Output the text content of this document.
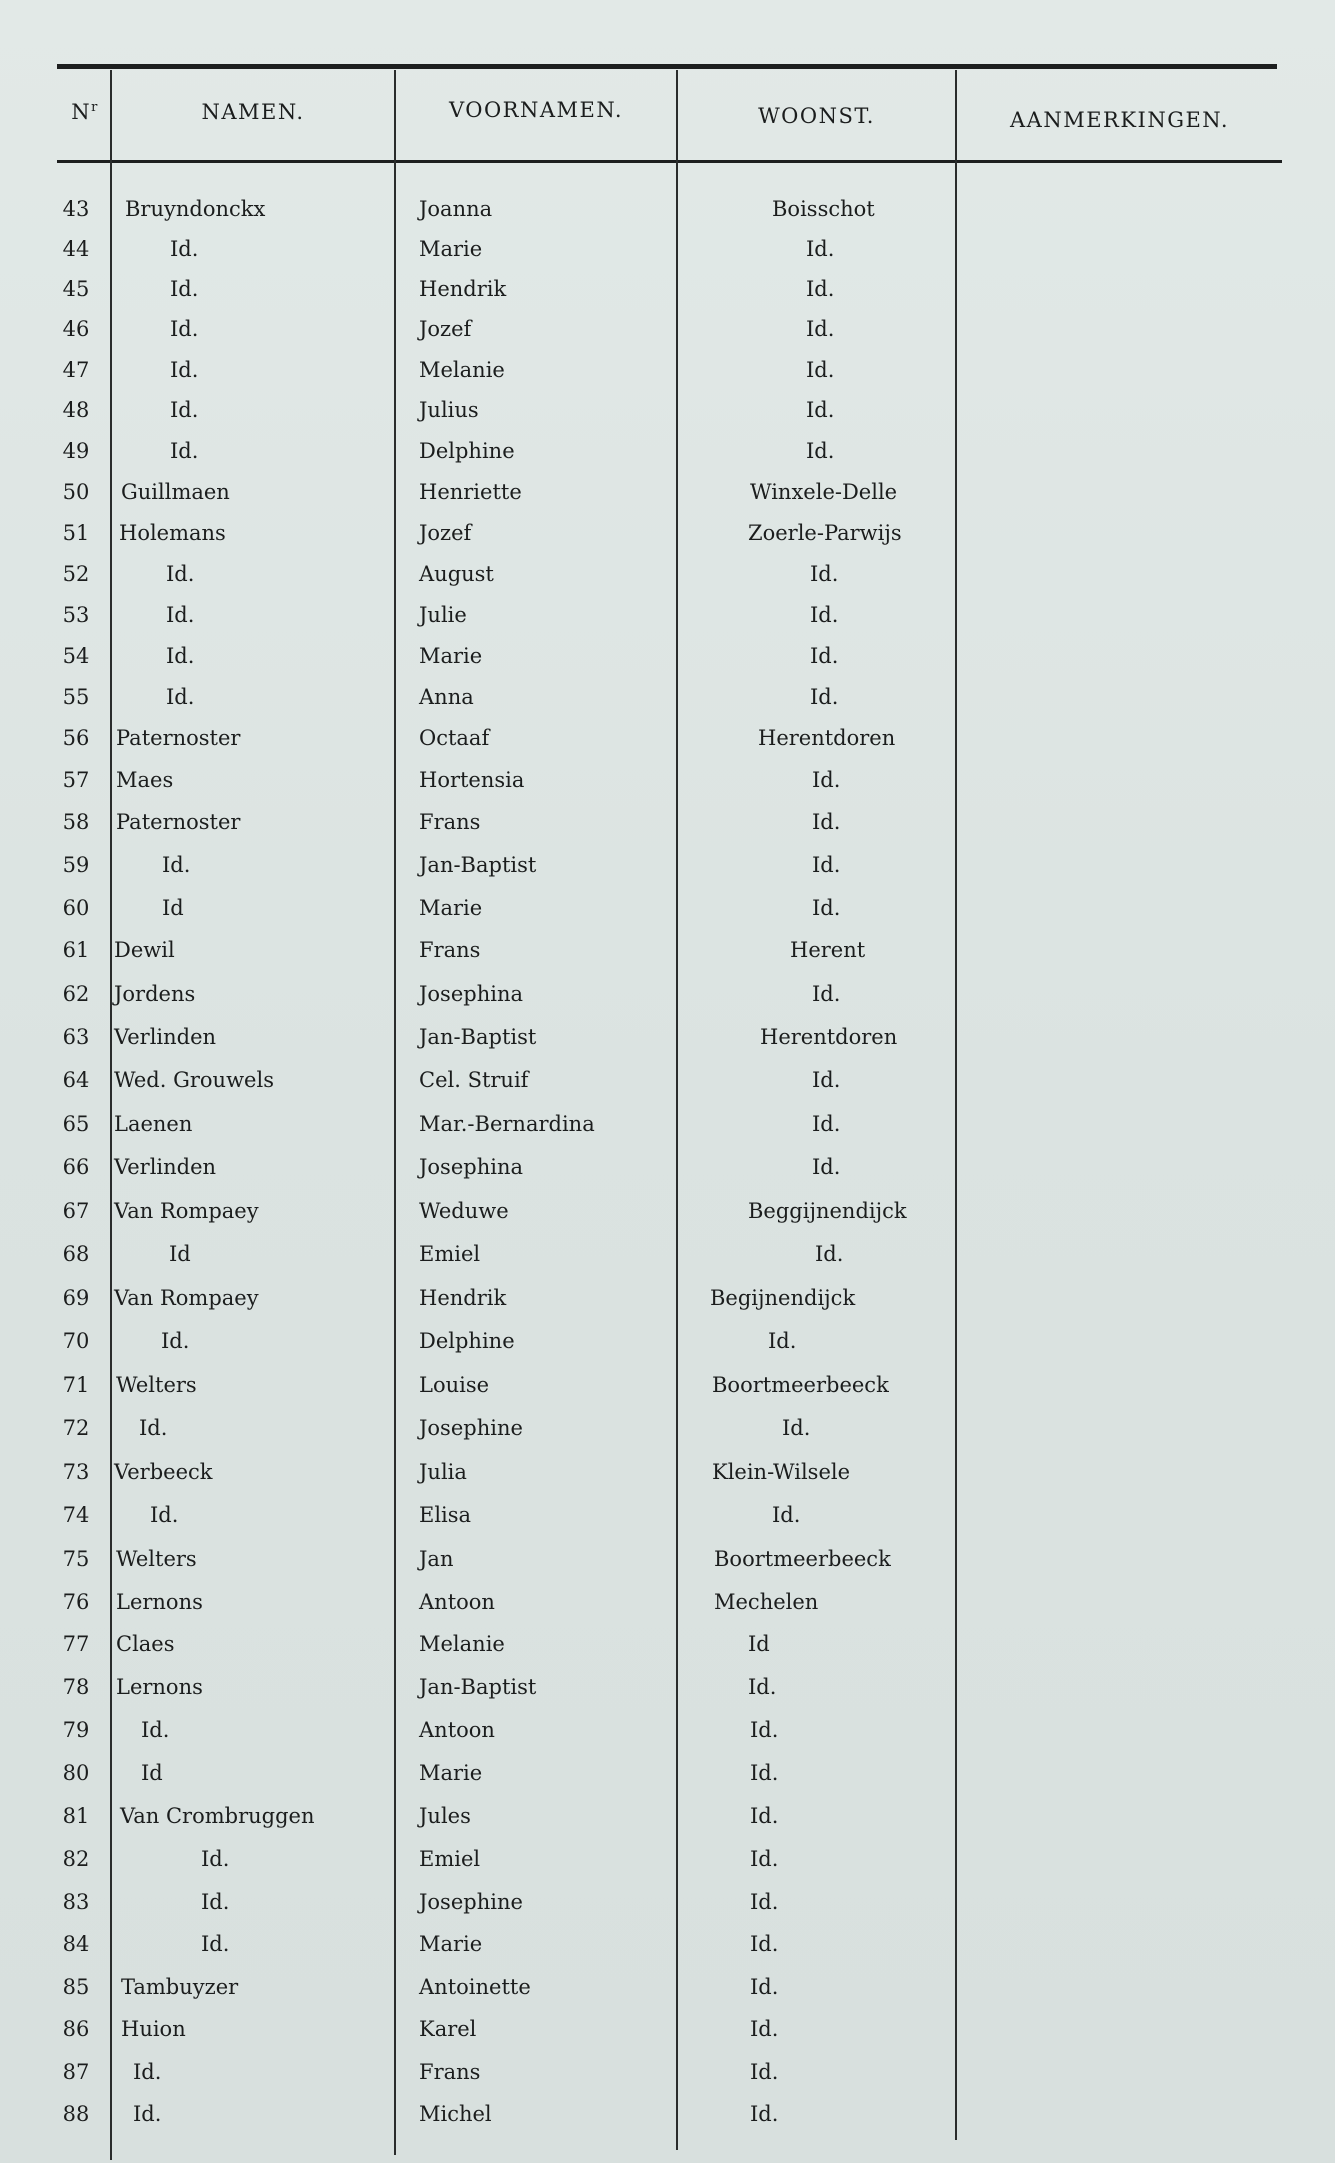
$N^r$	NAMEN.	VOORNAMEN.	WOONST.	AANMERKINGEN.
43	Bruyndonckx	Joanna	Boisschot
44	Id.	Marie	Id.
45	Id.	Hendrik	Id.
46	Id.	Jozef	Id.
47	Id.	Melanie	Id.
48	Id.	Julius	Id.
49	Id.	Delphine	Id.
50	Guillmaen	Henriette	Winxele-Delle
51	Holemans	Jozef	Zoerle-Parwijs
52	Id.	August	Id.
53	Id.	Julie	Id.
54	Id.	Marie	Id.
55	Id.	Anna	Id.
56	Paternoster	Octaaf	Herentdoren
57	Maes	Hortensia	Id.
58	Paternoster	Frans	Id.
59	Id.	Jan-Baptist	Id.
60	Id	Marie	Id.
61	Dewil	Frans	Herent
62	Jordens	Josephina	Id.
63	Verlinden	Jan-Baptist	Herentdoren
64	Wed. Grouwels	Cel. Struif	Id.
65	Laenen	Mar.-Bernardina	Id.
66	Verlinden	Josephina	Id.
67	Van Rompaey	Weduwe	Beggijnendijck
68	Id	Emiel	Id.
69	Van Rompaey	Hendrik	Begijnendijck
70	Id.	Delphine	Id.
71	Welters	Louise	Boortmeerbeeck
72	Id.	Josephine	Id.
73	Verbeeck	Julia	Klein-Wilsele
74	Id.	Elisa	Id.
75	Welters	Jan	Boortmeerbeeck
76	Lernons	Antoon	Mechelen
77	Claes	Melanie	Id
78	Lernons	Jan-Baptist	Id.
79	Id.	Antoon	Id.
80	Id	Marie	Id.
81	Van Crombruggen	Jules	Id.
82	Id.	Emiel	Id.
83	Id.	Josephine	Id.
84	Id.	Marie	Id.
85	Tambuyzer	Antoinette	Id.
86	Huion	Karel	Id.
87	Id.	Frans	Id.
88	Id.	Michel	Id.
